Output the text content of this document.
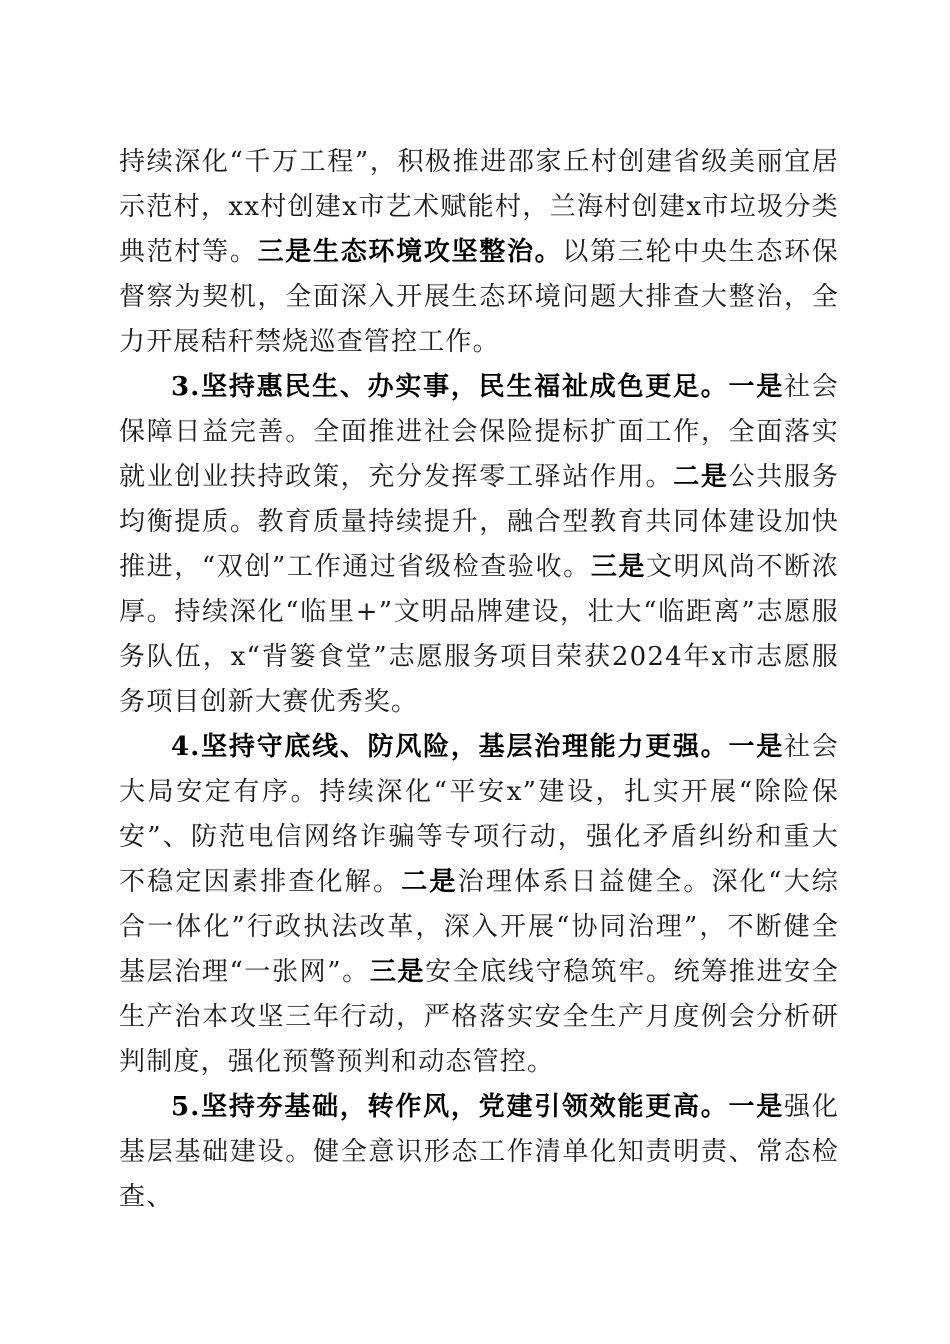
持续深化“千万工程”，积极推进邵家丘村创建省级美丽宜居示范村，xx村创建x市艺术赋能村，兰海村创建x市垃圾分类典范村等。三是生态环境攻坚整治。以第三轮中央生态环保督察为契机，全面深入开展生态环境问题大排查大整治，全力开展秸秆禁烧巡查管控工作。

3.坚持惠民生、办实事，民生福祉成色更足。一是社会保障日益完善。全面推进社会保险提标扩面工作，全面落实就业创业扶持政策，充分发挥零工驿站作用。二是公共服务均衡提质。教育质量持续提升，融合型教育共同体建设加快推进，“双创”工作通过省级检查验收。三是文明风尚不断浓厚。持续深化“临里+”文明品牌建设，壮大“临距离”志愿服务队伍，x“背篓食堂”志愿服务项目荣获2024年x市志愿服务项目创新大赛优秀奖。

4.坚持守底线、防风险，基层治理能力更强。一是社会大局安定有序。持续深化“平安x”建设，扎实开展“除险保安”、防范电信网络诈骗等专项行动，强化矛盾纠纷和重大不稳定因素排查化解。二是治理体系日益健全。深化“大综合一体化”行政执法改革，深入开展“协同治理”，不断健全基层治理“一张网”。三是安全底线守稳筑牢。统筹推进安全生产治本攻坚三年行动，严格落实安全生产月度例会分析研判制度，强化预警预判和动态管控。

5.坚持夯基础，转作风，党建引领效能更高。一是强化基层基础建设。健全意识形态工作清单化知责明责、常态检查、
